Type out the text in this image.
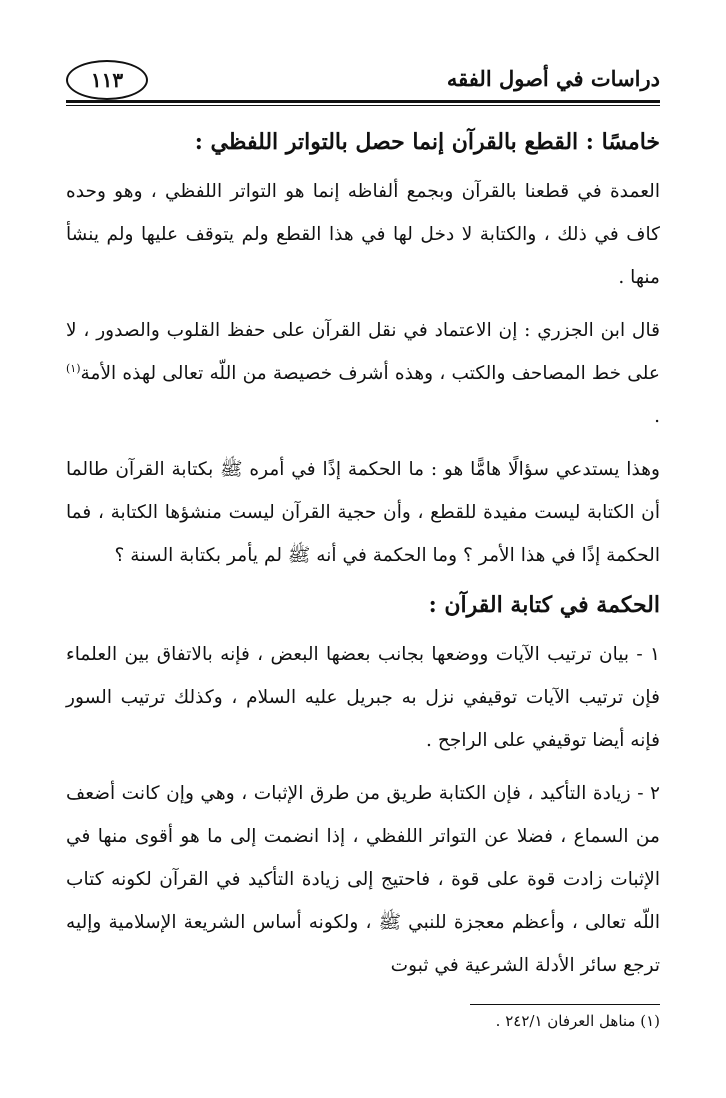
دراسات في أصول الفقه
١١٣

خامسًا : القطع بالقرآن إنما حصل بالتواتر اللفظي :

العمدة في قطعنا بالقرآن وبجمع ألفاظه إنما هو التواتر اللفظي ، وهو وحده كاف في ذلك ، والكتابة لا دخل لها في هذا القطع ولم يتوقف عليها ولم ينشأ منها .

قال ابن الجزري : إن الاعتماد في نقل القرآن على حفظ القلوب والصدور ، لا على خط المصاحف والكتب ، وهذه أشرف خصيصة من اللّه تعالى لهذه الأمة$^{(١)}$ .

وهذا يستدعي سؤالًا هامًّا هو : ما الحكمة إذًا في أمره ﷺ بكتابة القرآن طالما أن الكتابة ليست مفيدة للقطع ، وأن حجية القرآن ليست منشؤها الكتابة ، فما الحكمة إذًا في هذا الأمر ؟ وما الحكمة في أنه ﷺ لم يأمر بكتابة السنة ؟

الحكمة في كتابة القرآن :

١ - بيان ترتيب الآيات ووضعها بجانب بعضها البعض ، فإنه بالاتفاق بين العلماء فإن ترتيب الآيات توقيفي نزل به جبريل عليه السلام ، وكذلك ترتيب السور فإنه أيضا توقيفي على الراجح .

٢ - زيادة التأكيد ، فإن الكتابة طريق من طرق الإثبات ، وهي وإن كانت أضعف من السماع ، فضلا عن التواتر اللفظي ، إذا انضمت إلى ما هو أقوى منها في الإثبات زادت قوة على قوة ، فاحتيج إلى زيادة التأكيد في القرآن لكونه كتاب اللّه تعالى ، وأعظم معجزة للنبي ﷺ ، ولكونه أساس الشريعة الإسلامية وإليه ترجع سائر الأدلة الشرعية في ثبوت

(١) مناهل العرفان ٢٤٢/١ .
